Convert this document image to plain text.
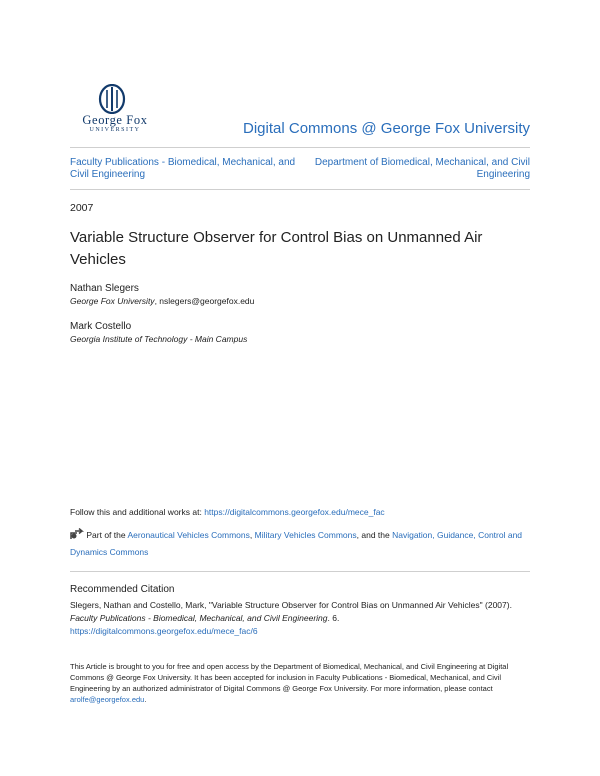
George Fox
UNIVERSITY	Digital Commons @ George Fox University
Faculty Publications - Biomedical, Mechanical, and Civil Engineering
Department of Biomedical, Mechanical, and Civil Engineering
2007
Variable Structure Observer for Control Bias on Unmanned Air Vehicles
Nathan Slegers
George Fox University, nslegers@georgefox.edu
Mark Costello
Georgia Institute of Technology - Main Campus
Follow this and additional works at: https://digitalcommons.georgefox.edu/mece_fac
Part of the Aeronautical Vehicles Commons, Military Vehicles Commons, and the Navigation, Guidance, Control and Dynamics Commons
Recommended Citation
Slegers, Nathan and Costello, Mark, "Variable Structure Observer for Control Bias on Unmanned Air Vehicles" (2007). Faculty Publications - Biomedical, Mechanical, and Civil Engineering. 6.
https://digitalcommons.georgefox.edu/mece_fac/6
This Article is brought to you for free and open access by the Department of Biomedical, Mechanical, and Civil Engineering at Digital Commons @ George Fox University. It has been accepted for inclusion in Faculty Publications - Biomedical, Mechanical, and Civil Engineering by an authorized administrator of Digital Commons @ George Fox University. For more information, please contact arolfe@georgefox.edu.
